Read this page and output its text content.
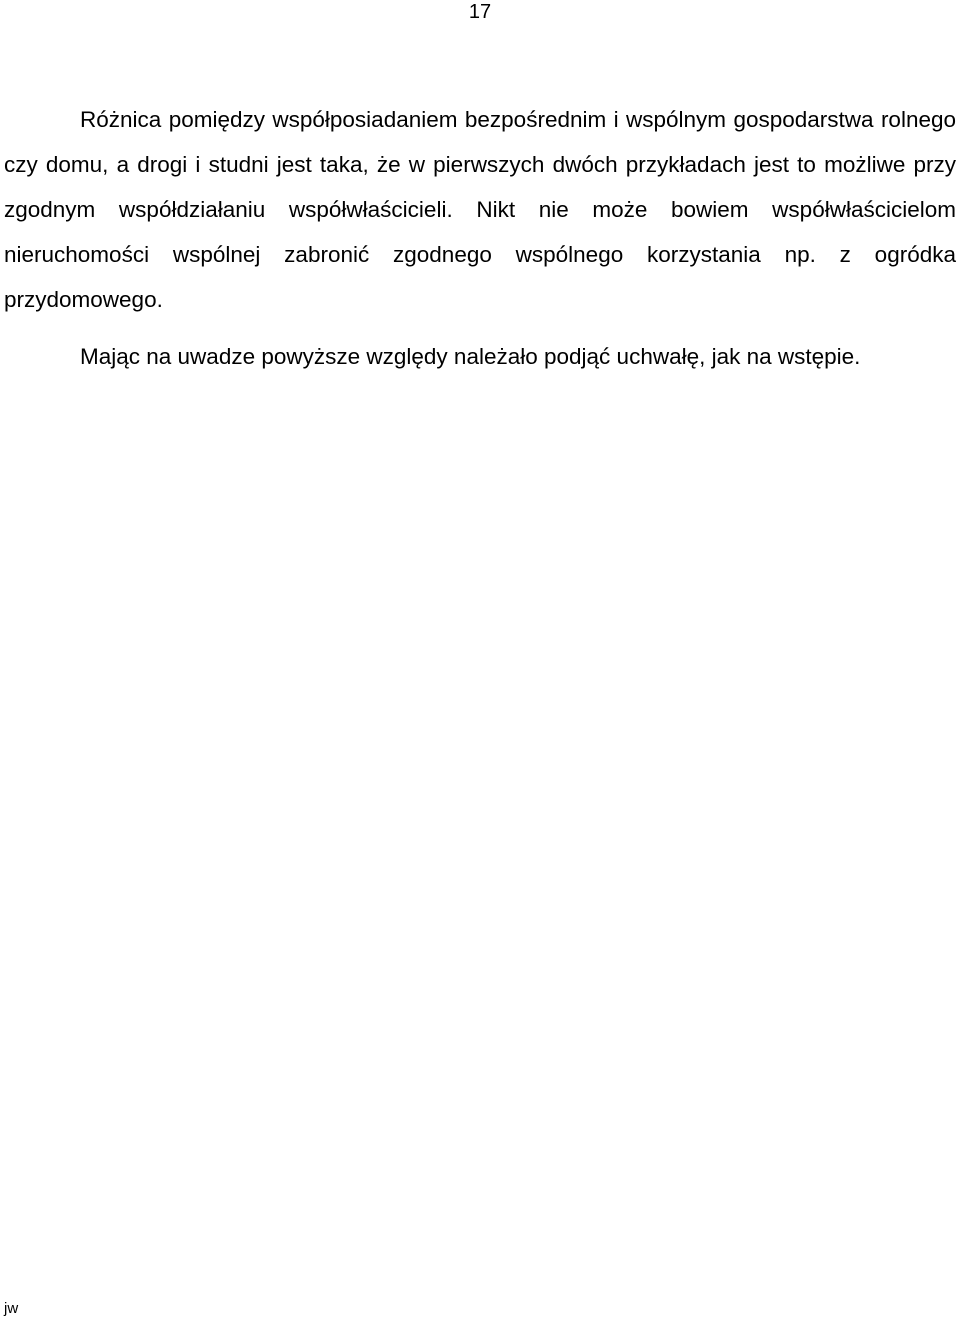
17

Różnica pomiędzy współposiadaniem bezpośrednim i wspólnym gospodarstwa rolnego czy domu, a drogi i studni jest taka, że w pierwszych dwóch przykładach jest to możliwe przy zgodnym współdziałaniu współwłaścicieli. Nikt nie może bowiem współwłaścicielom nieruchomości wspólnej zabronić zgodnego wspólnego korzystania np. z ogródka przydomowego.

Mając na uwadze powyższe względy należało podjąć uchwałę, jak na wstępie.

jw
